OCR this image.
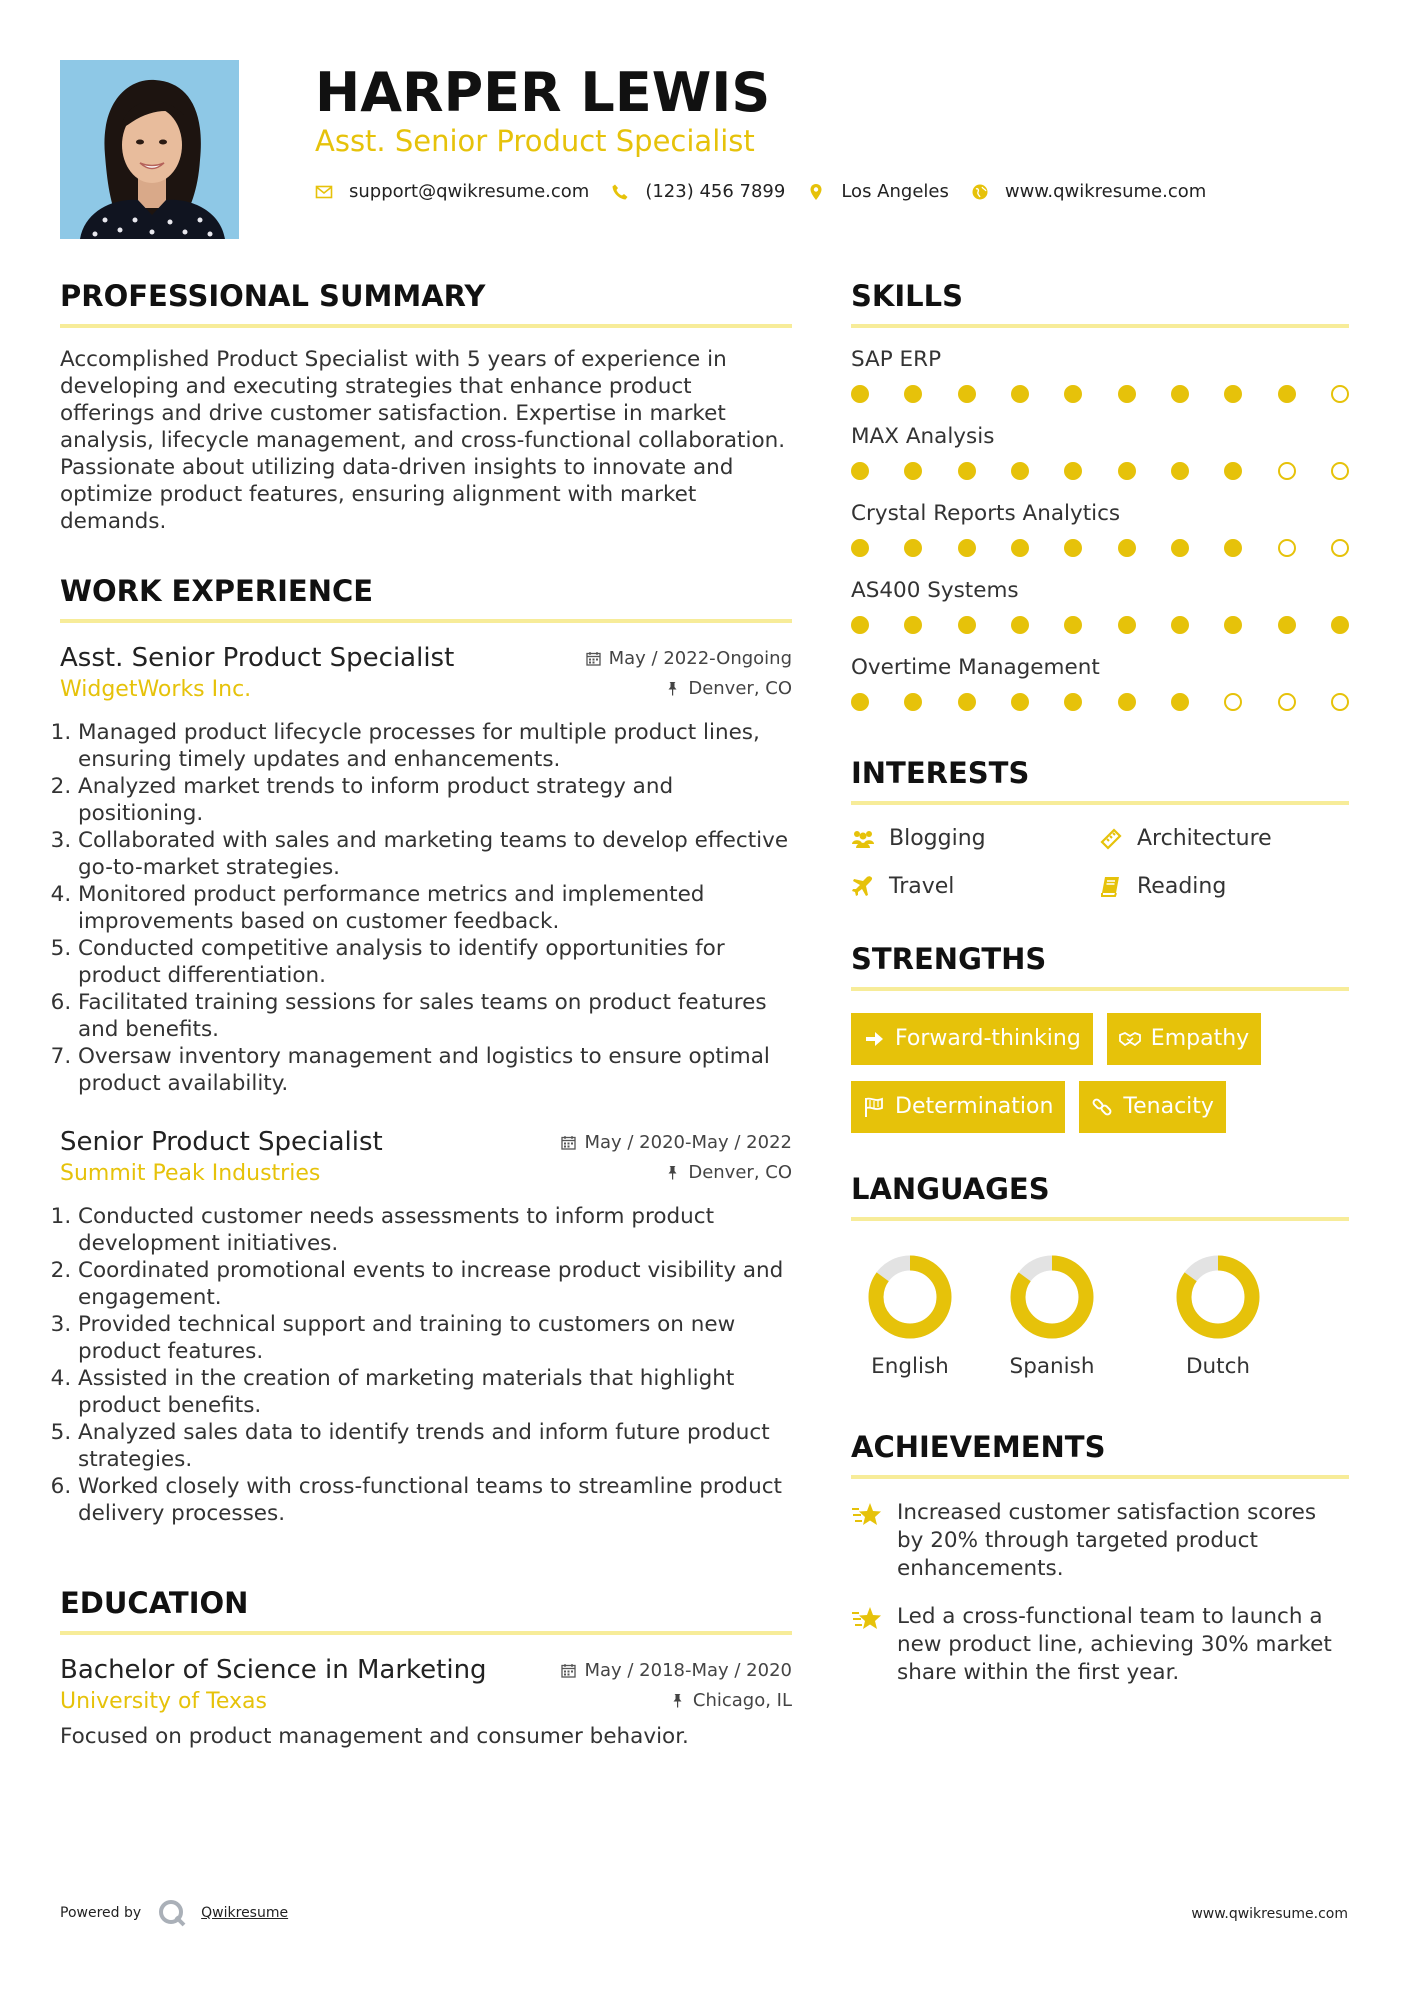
HARPER LEWIS
Asst. Senior Product Specialist
support@qwikresume.com	(123) 456 7899	Los Angeles	www.qwikresume.com
PROFESSIONAL SUMMARY

Accomplished Product Specialist with 5 years of experience in developing and executing strategies that enhance product offerings and drive customer satisfaction. Expertise in market analysis, lifecycle management, and cross-functional collaboration. Passionate about utilizing data-driven insights to innovate and optimize product features, ensuring alignment with market demands.

WORK EXPERIENCE
Asst. Senior Product Specialist	May / 2022-Ongoing
WidgetWorks Inc.	Denver, CO
1. Managed product lifecycle processes for multiple product lines, ensuring timely updates and enhancements.
2. Analyzed market trends to inform product strategy and positioning.
3. Collaborated with sales and marketing teams to develop effective go-to-market strategies.
4. Monitored product performance metrics and implemented improvements based on customer feedback.
5. Conducted competitive analysis to identify opportunities for product differentiation.
6. Facilitated training sessions for sales teams on product features and benefits.
7. Oversaw inventory management and logistics to ensure optimal product availability.
Senior Product Specialist	May / 2020-May / 2022
Summit Peak Industries	Denver, CO
1. Conducted customer needs assessments to inform product development initiatives.
2. Coordinated promotional events to increase product visibility and engagement.
3. Provided technical support and training to customers on new product features.
4. Assisted in the creation of marketing materials that highlight product benefits.
5. Analyzed sales data to identify trends and inform future product strategies.
6. Worked closely with cross-functional teams to streamline product delivery processes.
EDUCATION
Bachelor of Science in Marketing	May / 2018-May / 2020
University of Texas	Chicago, IL

Focused on product management and consumer behavior.

SKILLS
SAP ERP
MAX Analysis
Crystal Reports Analytics
AS400 Systems
Overtime Management
INTERESTS
Blogging	Architecture
Travel	Reading
STRENGTHS
Forward-thinking	Empathy
Determination	Tenacity
LANGUAGES
English	Spanish	Dutch
ACHIEVEMENTS
Increased customer satisfaction scores by 20% through targeted product enhancements.
Led a cross-functional team to launch a new product line, achieving 30% market share within the first year.
Powered by	Qwikresume	www.qwikresume.com
